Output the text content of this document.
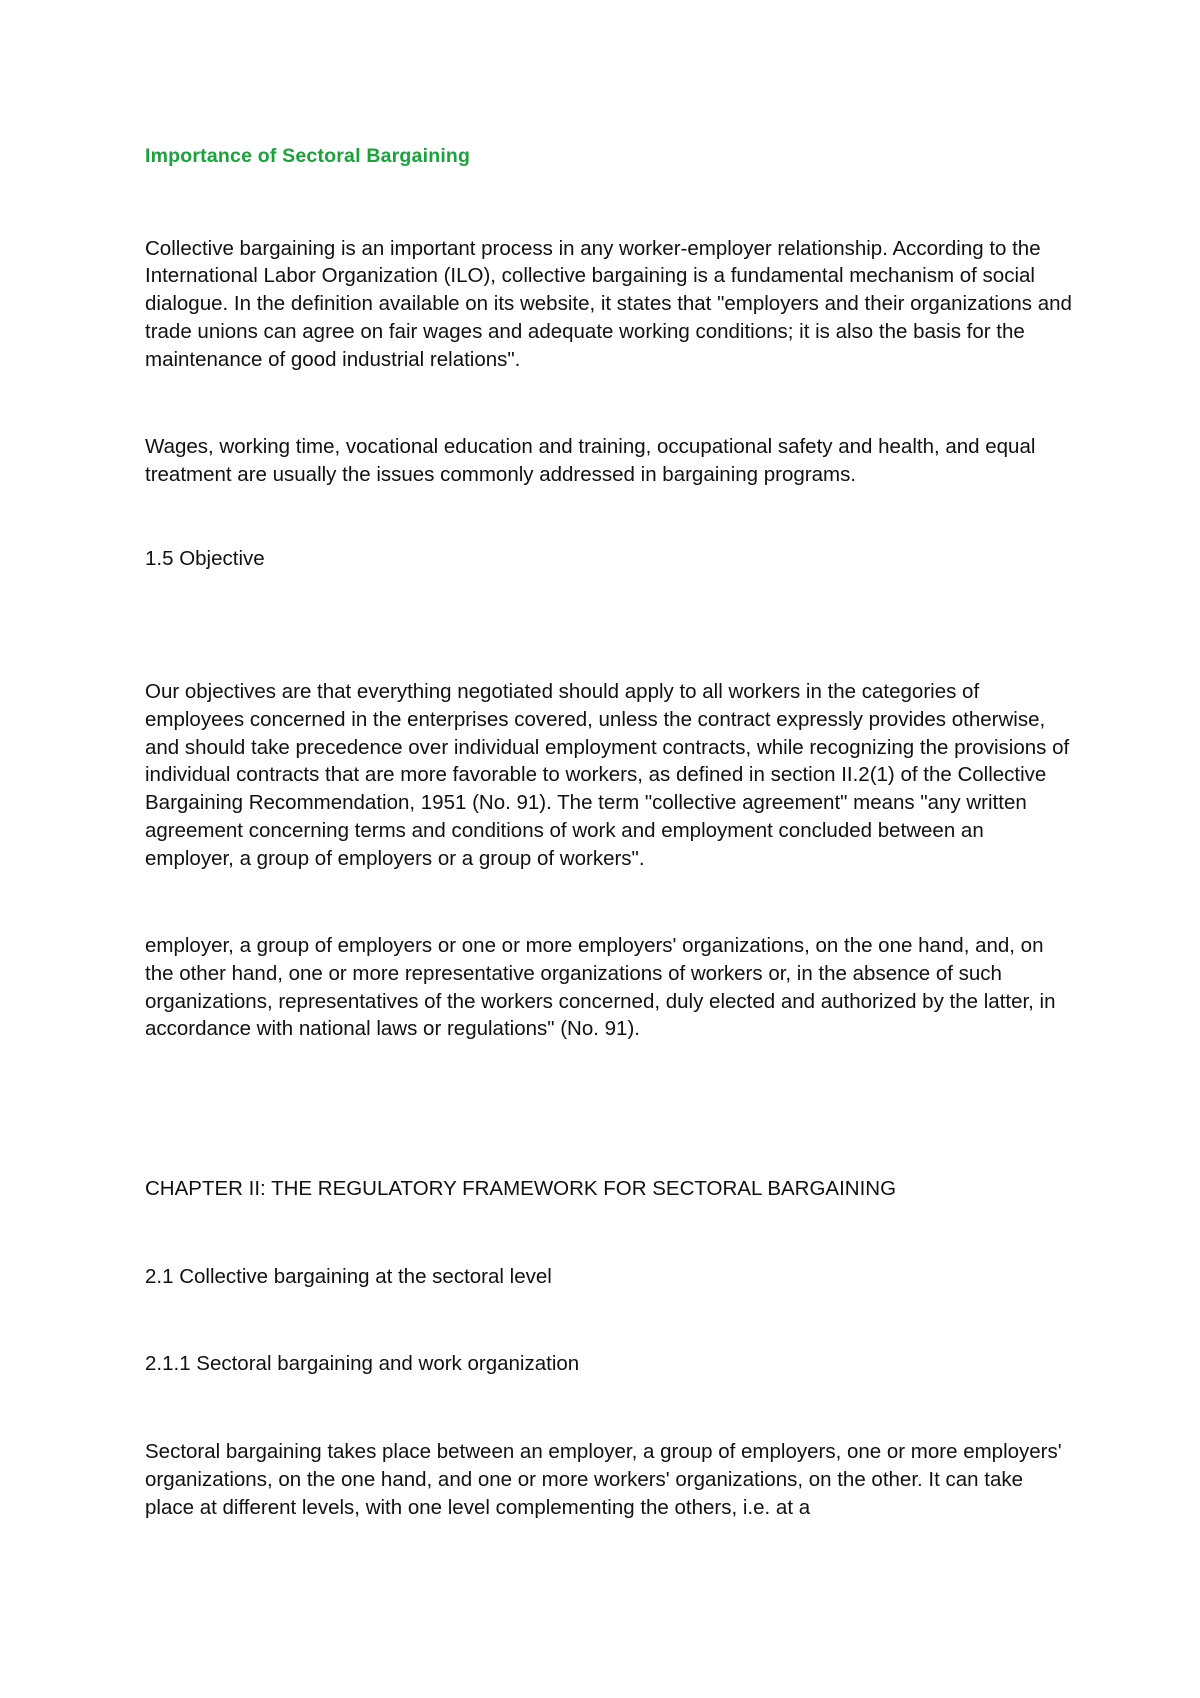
Importance of Sectoral Bargaining

Collective bargaining is an important process in any worker-employer relationship. According to the International Labor Organization (ILO), collective bargaining is a fundamental mechanism of social dialogue. In the definition available on its website, it states that "employers and their organizations and trade unions can agree on fair wages and adequate working conditions; it is also the basis for the maintenance of good industrial relations".

Wages, working time, vocational education and training, occupational safety and health, and equal treatment are usually the issues commonly addressed in bargaining programs.

1.5 Objective

Our objectives are that everything negotiated should apply to all workers in the categories of employees concerned in the enterprises covered, unless the contract expressly provides otherwise, and should take precedence over individual employment contracts, while recognizing the provisions of individual contracts that are more favorable to workers, as defined in section II.2(1) of the Collective Bargaining Recommendation, 1951 (No. 91). The term "collective agreement" means "any written agreement concerning terms and conditions of work and employment concluded between an employer, a group of employers or a group of workers".

employer, a group of employers or one or more employers' organizations, on the one hand, and, on the other hand, one or more representative organizations of workers or, in the absence of such organizations, representatives of the workers concerned, duly elected and authorized by the latter, in accordance with national laws or regulations" (No. 91).

CHAPTER II: THE REGULATORY FRAMEWORK FOR SECTORAL BARGAINING

2.1 Collective bargaining at the sectoral level

2.1.1 Sectoral bargaining and work organization

Sectoral bargaining takes place between an employer, a group of employers, one or more employers' organizations, on the one hand, and one or more workers' organizations, on the other. It can take place at different levels, with one level complementing the others, i.e. at a
